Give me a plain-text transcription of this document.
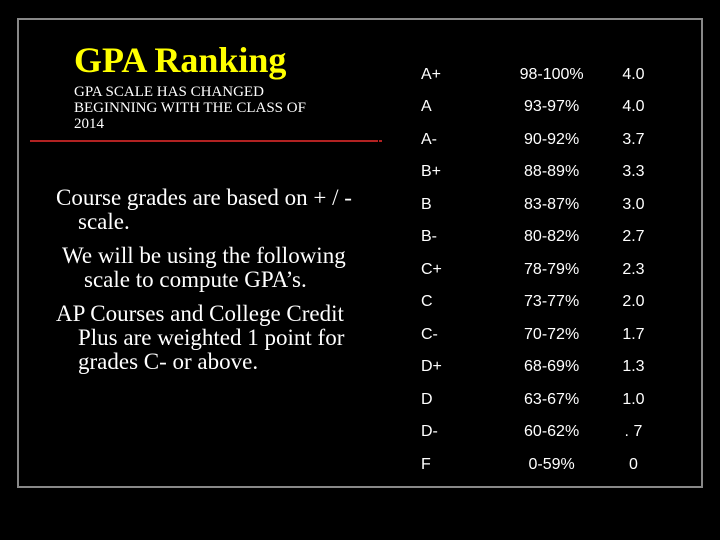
GPA Ranking

GPA SCALE HAS CHANGED BEGINNING WITH THE CLASS OF 2014

Course grades are based on + / - scale.

We will be using the following scale to compute GPA’s.

AP Courses and College Credit Plus are weighted 1 point for grades C- or above.

A+	98-100%	4.0
A	93-97%	4.0
A-	90-92%	3.7
B+	88-89%	3.3
B	83-87%	3.0
B-	80-82%	2.7
C+	78-79%	2.3
C	73-77%	2.0
C-	70-72%	1.7
D+	68-69%	1.3
D	63-67%	1.0
D-	60-62%	. 7
F	0-59%	0
